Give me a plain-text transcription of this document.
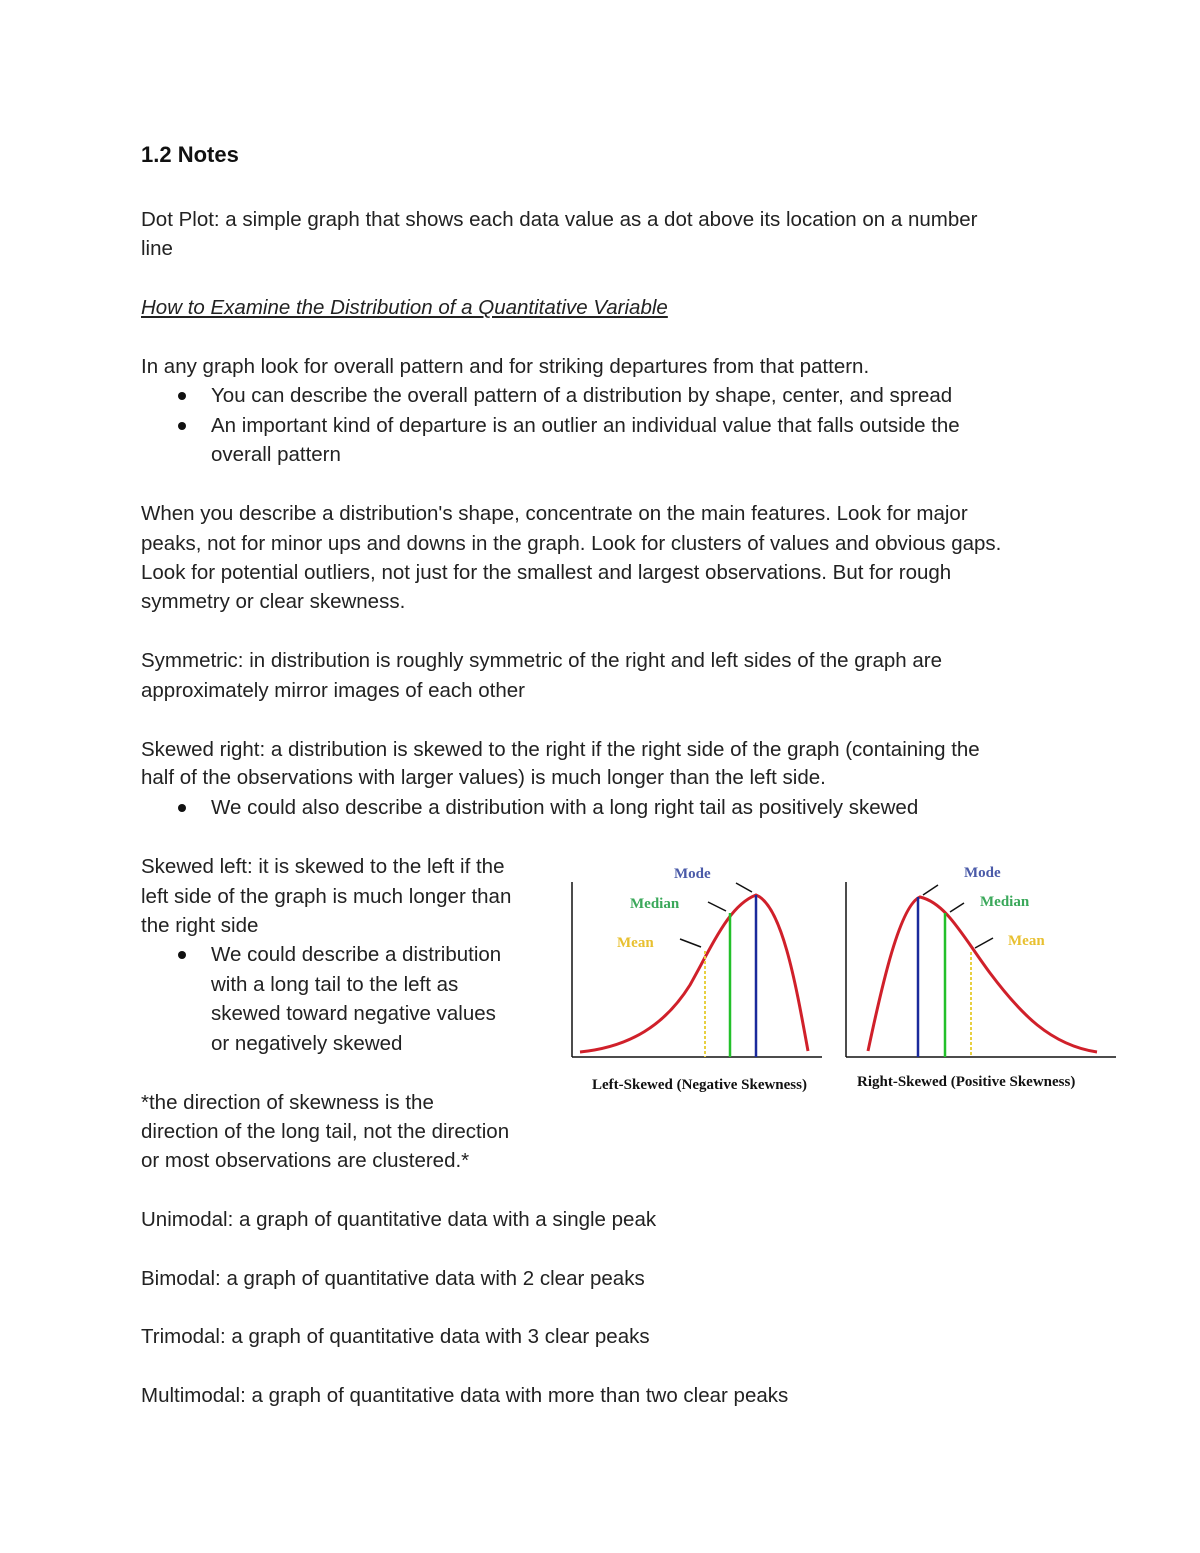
1.2 Notes

Dot Plot: a simple graph that shows each data value as a dot above its location on a number

line

How to Examine the Distribution of a Quantitative Variable

In any graph look for overall pattern and for striking departures from that pattern.

You can describe the overall pattern of a distribution by shape, center, and spread
An important kind of departure is an outlier an individual value that falls outside the
overall pattern

When you describe a distribution's shape, concentrate on the main features. Look for major

peaks, not for minor ups and downs in the graph. Look for clusters of values and obvious gaps.

Look for potential outliers, not just for the smallest and largest observations. But for rough

symmetry or clear skewness.

Symmetric: in distribution is roughly symmetric of the right and left sides of the graph are

approximately mirror images of each other

Skewed right: a distribution is skewed to the right if the right side of the graph (containing the

half of the observations with larger values) is much longer than the left side.

We could also describe a distribution with a long right tail as positively skewed

Skewed left: it is skewed to the left if the

left side of the graph is much longer than

the right side

We could describe a distribution
with a long tail to the left as
skewed toward negative values
or negatively skewed

*the direction of skewness is the

direction of the long tail, not the direction

or most observations are clustered.*

Unimodal: a graph of quantitative data with a single peak

Bimodal: a graph of quantitative data with 2 clear peaks

Trimodal: a graph of quantitative data with 3 clear peaks

Multimodal: a graph of quantitative data with more than two clear peaks

Mode
Median
Mean
Left-Skewed (Negative Skewness)
Mode
Median
Mean
Right-Skewed (Positive Skewness)
